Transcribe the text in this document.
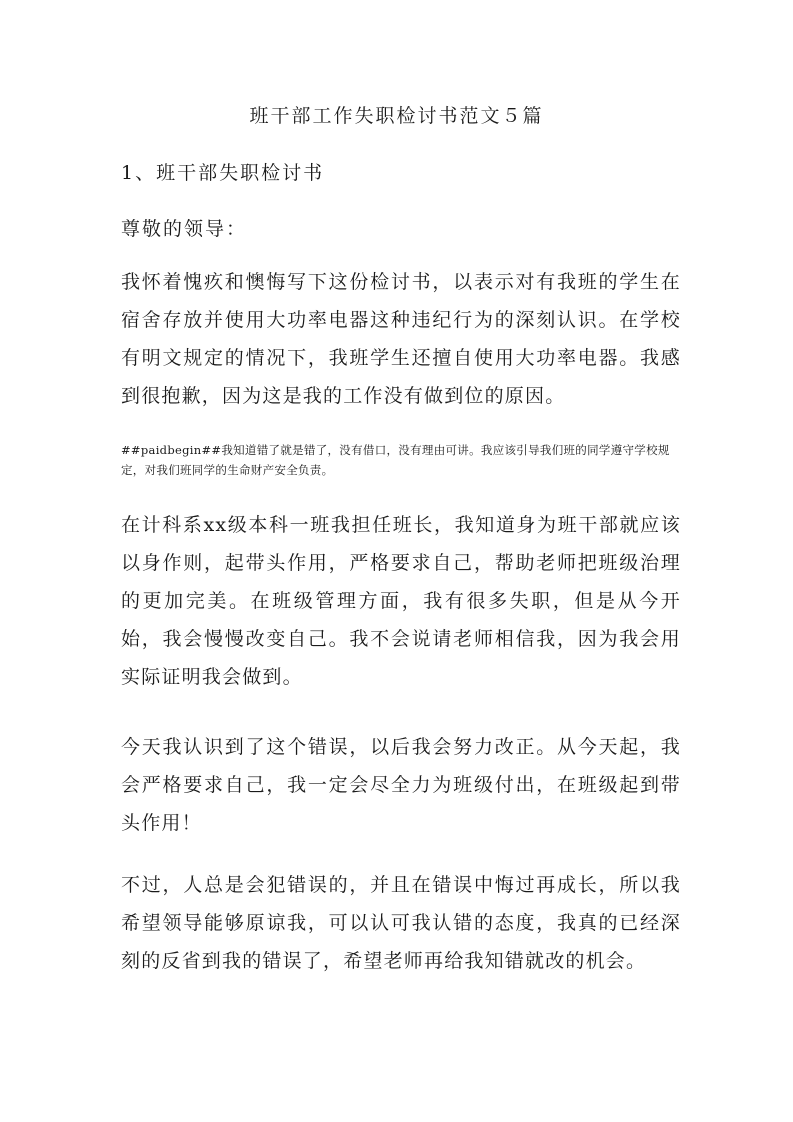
班干部工作失职检讨书范文５篇
1、班干部失职检讨书
尊敬的领导：

我怀着愧疚和懊悔写下这份检讨书，以表示对有我班的学生在宿舍存放并使用大功率电器这种违纪行为的深刻认识。在学校有明文规定的情况下，我班学生还擅自使用大功率电器。我感到很抱歉，因为这是我的工作没有做到位的原因。

##paidbegin##我知道错了就是错了，没有借口，没有理由可讲。我应该引导我们班的同学遵守学校规定，对我们班同学的生命财产安全负责。

在计科系xx级本科一班我担任班长，我知道身为班干部就应该以身作则，起带头作用，严格要求自己，帮助老师把班级治理的更加完美。在班级管理方面，我有很多失职，但是从今开始，我会慢慢改变自己。我不会说请老师相信我，因为我会用实际证明我会做到。

今天我认识到了这个错误，以后我会努力改正。从今天起，我会严格要求自己，我一定会尽全力为班级付出，在班级起到带头作用！

不过，人总是会犯错误的，并且在错误中悔过再成长，所以我希望领导能够原谅我，可以认可我认错的态度，我真的已经深刻的反省到我的错误了，希望老师再给我知错就改的机会。
